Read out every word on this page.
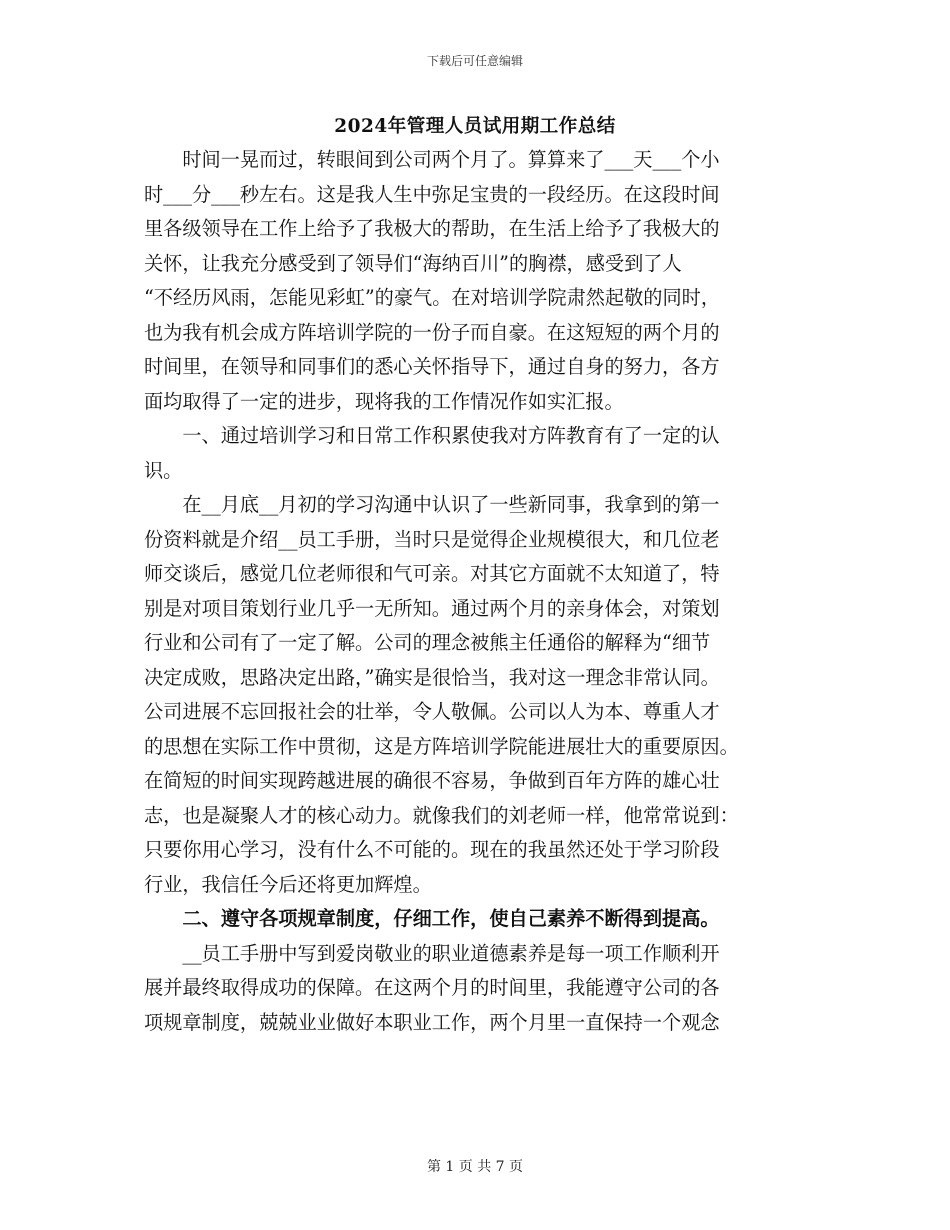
下载后可任意编辑
2024年管理人员试用期工作总结
　　时间一晃而过，转眼间到公司两个月了。算算来了___天___个小
时___分___秒左右。这是我人生中弥足宝贵的一段经历。在这段时间
里各级领导在工作上给予了我极大的帮助，在生活上给予了我极大的
关怀，让我充分感受到了领导们“海纳百川”的胸襟，感受到了人
“不经历风雨，怎能见彩虹”的豪气。在对培训学院肃然起敬的同时，
也为我有机会成方阵培训学院的一份子而自豪。在这短短的两个月的
时间里，在领导和同事们的悉心关怀指导下，通过自身的努力，各方
面均取得了一定的进步，现将我的工作情况作如实汇报。
　　一、通过培训学习和日常工作积累使我对方阵教育有了一定的认
识。
　　在__月底__月初的学习沟通中认识了一些新同事，我拿到的第一
份资料就是介绍__员工手册，当时只是觉得企业规模很大，和几位老
师交谈后，感觉几位老师很和气可亲。对其它方面就不太知道了，特
别是对项目策划行业几乎一无所知。通过两个月的亲身体会，对策划
行业和公司有了一定了解。公司的理念被熊主任通俗的解释为“细节
决定成败，思路决定出路，”确实是很恰当，我对这一理念非常认同。
公司进展不忘回报社会的壮举，令人敬佩。公司以人为本、尊重人才
的思想在实际工作中贯彻，这是方阵培训学院能进展壮大的重要原因。
在简短的时间实现跨越进展的确很不容易，争做到百年方阵的雄心壮
志，也是凝聚人才的核心动力。就像我们的刘老师一样，他常常说到：
只要你用心学习，没有什么不可能的。现在的我虽然还处于学习阶段
行业，我信任今后还将更加辉煌。
　　二、遵守各项规章制度，仔细工作，使自己素养不断得到提高。
　　__员工手册中写到爱岗敬业的职业道德素养是每一项工作顺利开
展并最终取得成功的保障。在这两个月的时间里，我能遵守公司的各
项规章制度，兢兢业业做好本职业工作，两个月里一直保持一个观念
第 1 页 共 7 页
